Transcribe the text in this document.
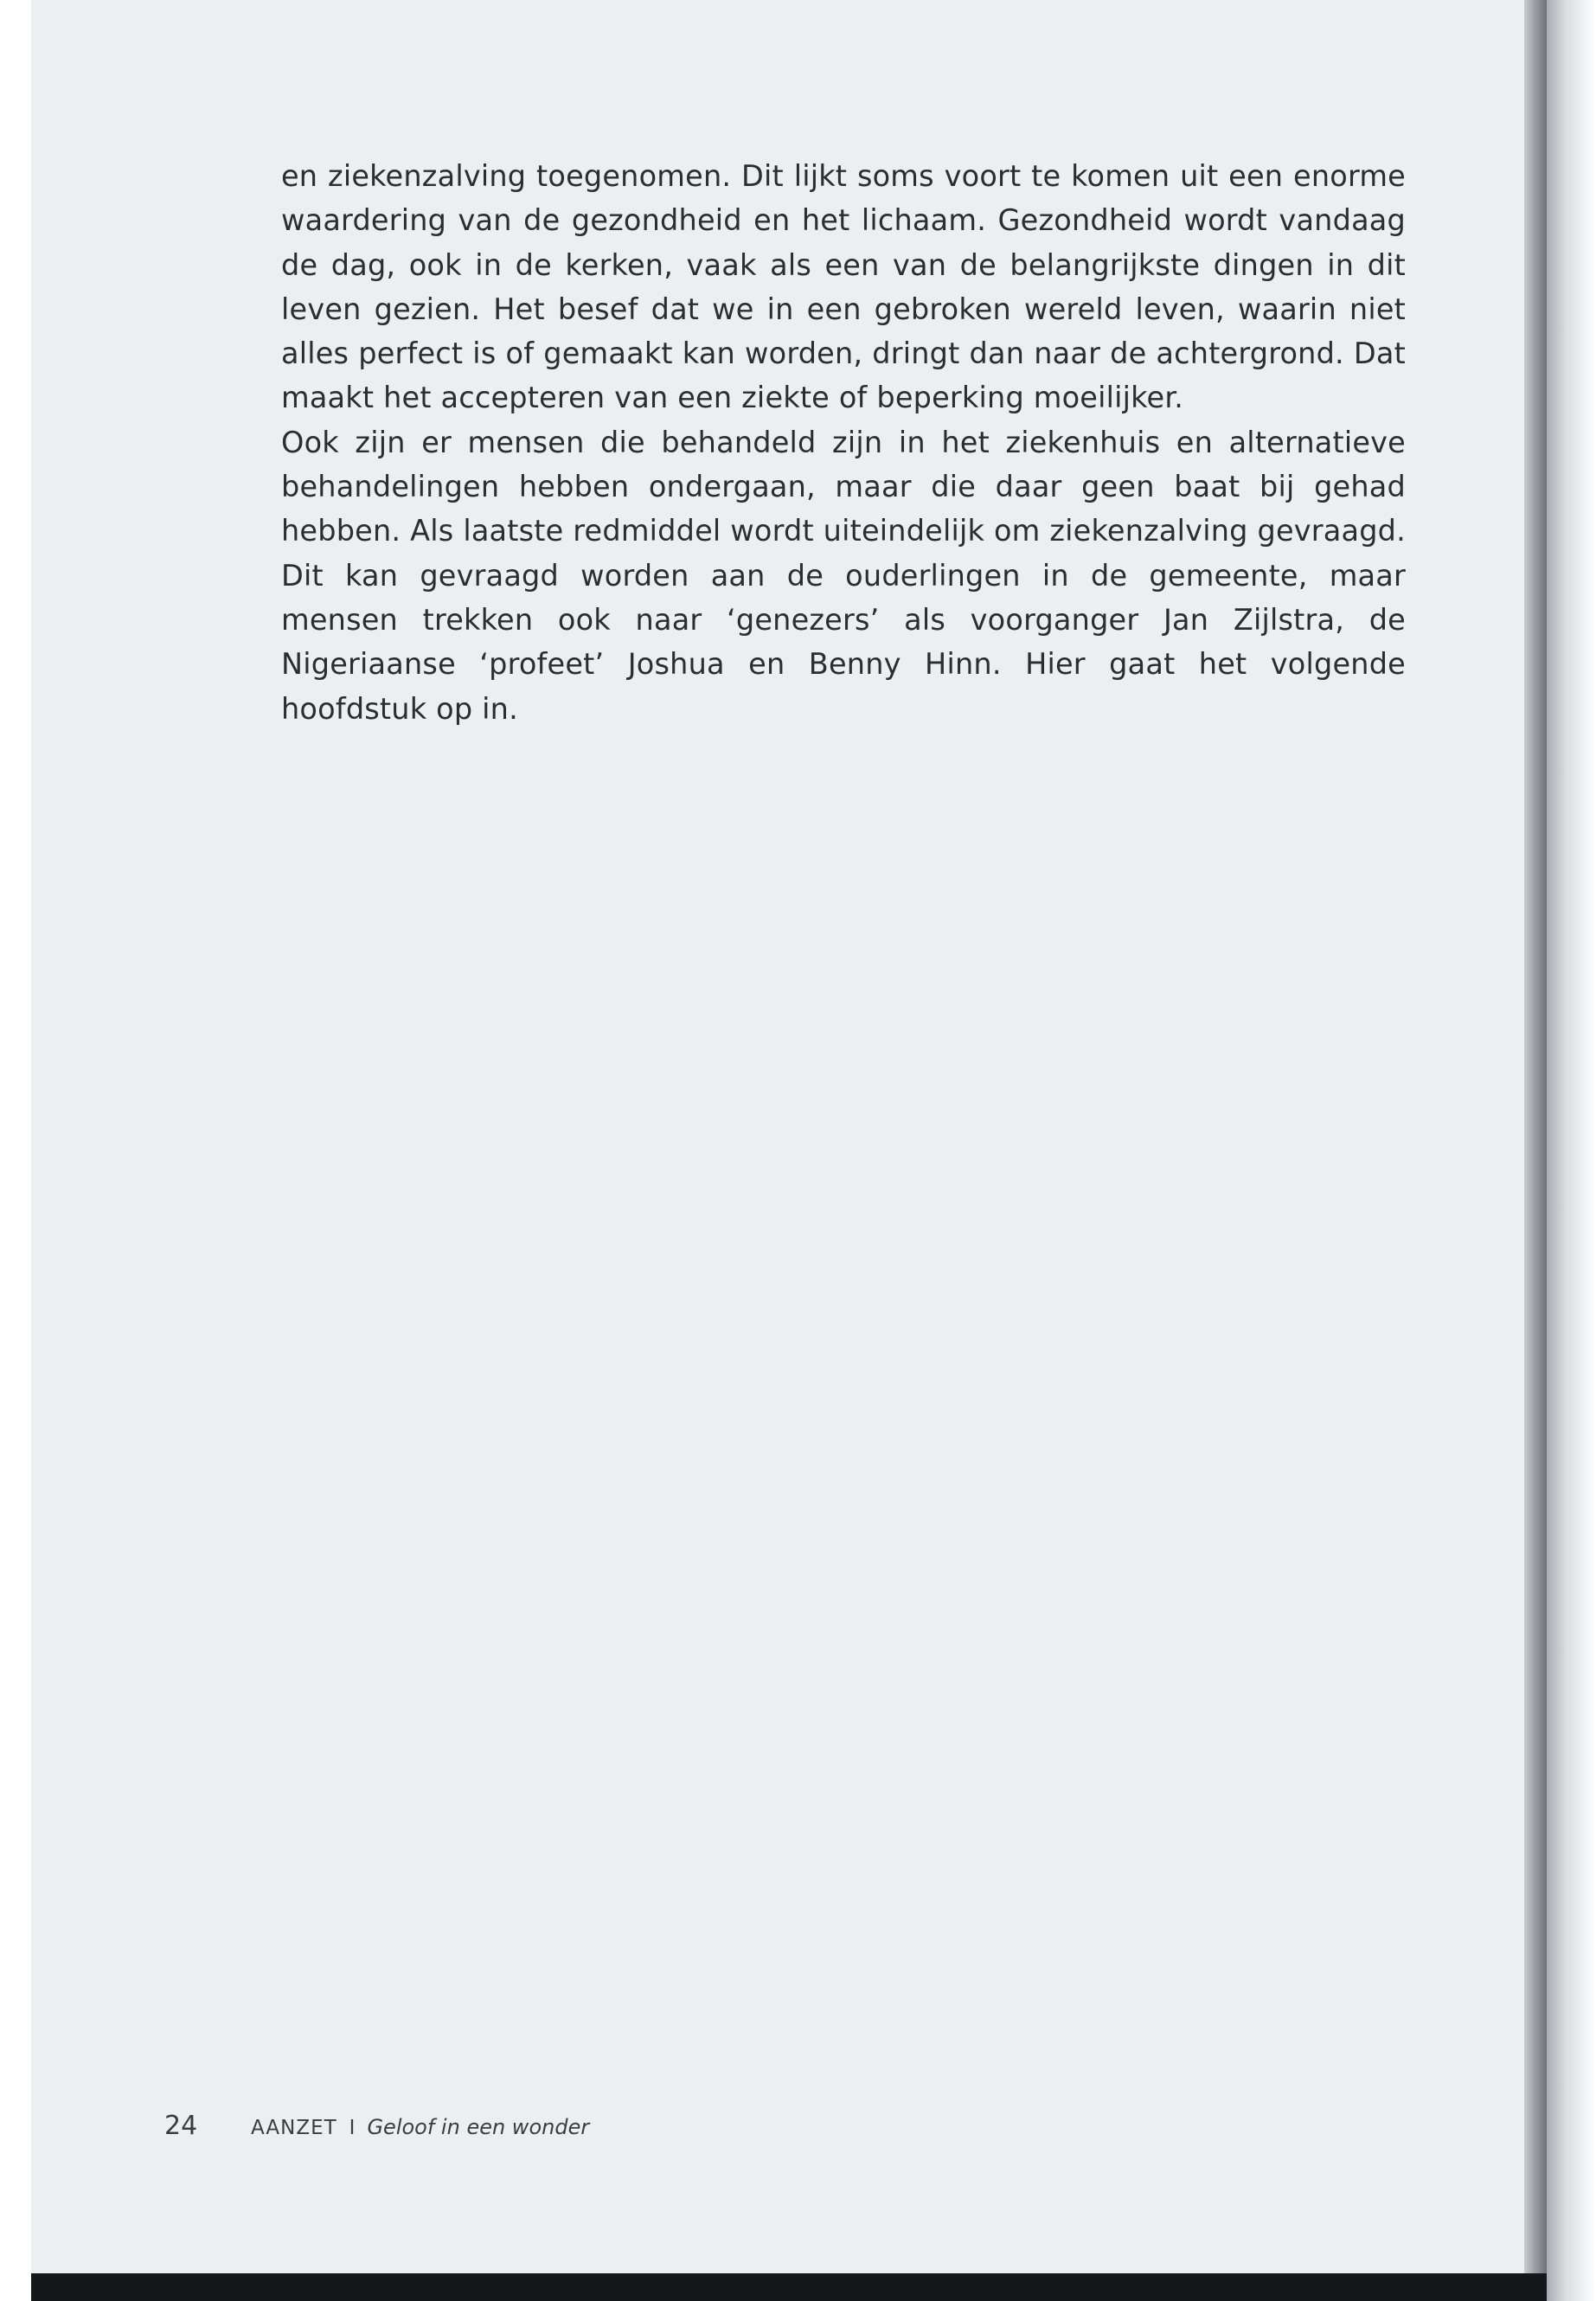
en ziekenzalving toegenomen. Dit lijkt soms voort te komen uit een enorme waardering van de gezondheid en het lichaam. Gezondheid wordt vandaag de dag, ook in de kerken, vaak als een van de belangrijkste dingen in dit leven gezien. Het besef dat we in een gebroken wereld leven, waarin niet alles perfect is of gemaakt kan worden, dringt dan naar de achtergrond. Dat maakt het accepteren van een ziekte of beperking moeilijker.

Ook zijn er mensen die behandeld zijn in het ziekenhuis en alternatieve behandelingen hebben ondergaan, maar die daar geen baat bij gehad hebben. Als laatste redmiddel wordt uiteindelijk om ziekenzalving gevraagd. Dit kan gevraagd worden aan de ouderlingen in de gemeente, maar mensen trekken ook naar ‘genezers’ als voorganger Jan Zijlstra, de Nigeriaanse ‘profeet’ Joshua en Benny Hinn. Hier gaat het volgende hoofdstuk op in.

24	AANZET I Geloof in een wonder
